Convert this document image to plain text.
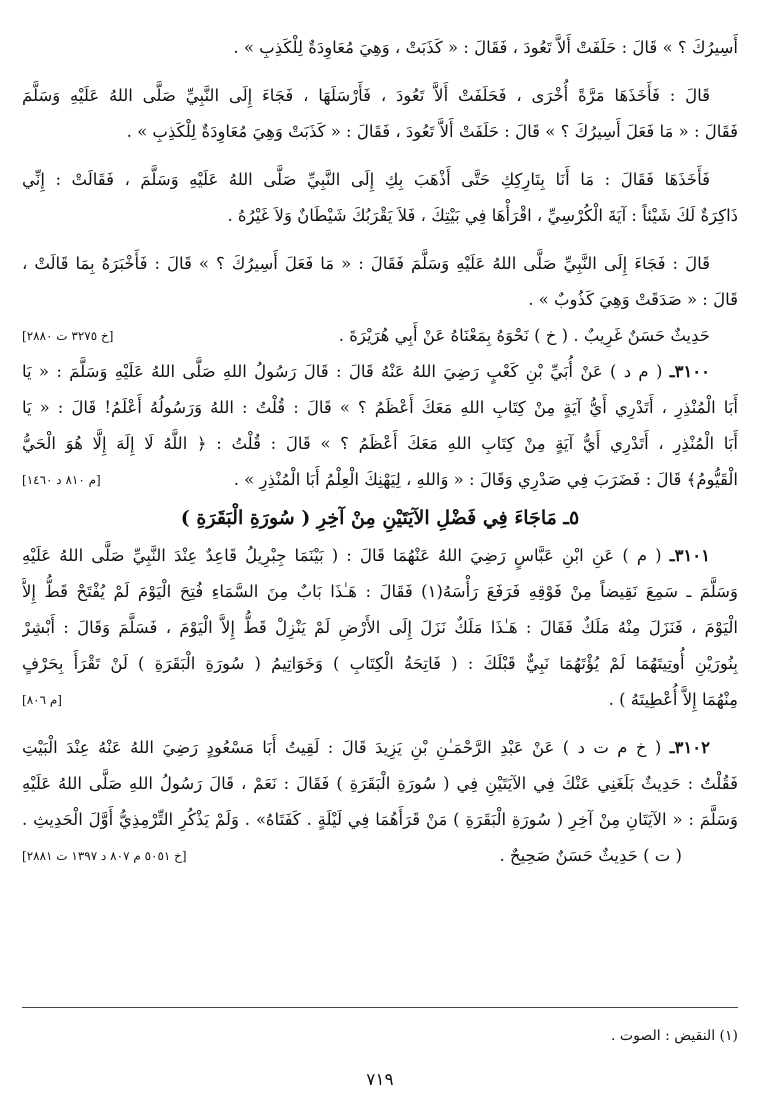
أَسِيرُكَ ؟ » قَالَ : حَلَفَتْ أَلاَّ تَعُودَ ، فَقَالَ : « كَذَبَتْ ، وَهِيَ مُعَاوِدَةٌ لِلْكَذِبِ » .
قَالَ : فَأَخَذَهَا مَرَّةً أُخْرَى ، فَحَلَفَتْ أَلاَّ تَعُودَ ، فَأَرْسَلَهَا ، فَجَاءَ إِلَى النَّبِيِّ صَلَّى اللهُ عَلَيْهِ وَسَلَّمَ
فَقَالَ : « مَا فَعَلَ أَسِيرُكَ ؟ » قَالَ : حَلَفَتْ أَلاَّ تَعُودَ ، فَقَالَ : « كَذَبَتْ وَهِيَ مُعَاوِدَةٌ لِلْكَذِبِ » .
فَأَخَذَهَا فَقَالَ : مَا أَنَا بِتَارِكِكِ حَتَّى أَذْهَبَ بِكِ إِلَى النَّبِيِّ صَلَّى اللهُ عَلَيْهِ وَسَلَّمَ ، فَقَالَتْ : إِنِّي
ذَاكِرَةٌ لَكَ شَيْئاً : آيَةَ الْكُرْسِيِّ ، اقْرَأْهَا فِي بَيْتِكَ ، فَلاَ يَقْرَبُكَ شَيْطَانٌ وَلاَ غَيْرُهُ .
قَالَ : فَجَاءَ إِلَى النَّبِيِّ صَلَّى اللهُ عَلَيْهِ وَسَلَّمَ فَقَالَ : « مَا فَعَلَ أَسِيرُكَ ؟ » قَالَ : فَأَخْبَرَهُ بِمَا قَالَتْ ،
قَالَ : « صَدَقَتْ وَهِيَ كَذُوبٌ » .
حَدِيثٌ حَسَنٌ غَرِيبٌ . ( خ ) نَحْوَهُ بِمَعْنَاهُ عَنْ أَبِي هُرَيْرَةَ .
[خ ٣٢٧٥ ت ٢٨٨٠]
٣١٠٠ـ ( م د ) عَنْ أُبَيِّ بْنِ كَعْبٍ رَضِيَ اللهُ عَنْهُ قَالَ : قَالَ رَسُولُ اللهِ صَلَّى اللهُ عَلَيْهِ وَسَلَّمَ : « يَا
أَبَا الْمُنْذِرِ ، أَتَدْرِي أَيُّ آيَةٍ مِنْ كِتَابِ اللهِ مَعَكَ أَعْظَمُ ؟ » قَالَ : قُلْتُ : اللهُ وَرَسُولُهُ أَعْلَمُ! قَالَ : « يَا
أَبَا الْمُنْذِرِ ، أَتَدْرِي أَيُّ آيَةٍ مِنْ كِتَابِ اللهِ مَعَكَ أَعْظَمُ ؟ » قَالَ : قُلْتُ : ﴿ اللَّهُ لَا إِلَهَ إِلَّا هُوَ الْحَيُّ
الْقَيُّومُ﴾ قَالَ : فَضَرَبَ فِي صَدْرِي وَقَالَ : « وَاللهِ ، لِيَهْنِكَ الْعِلْمُ أَبَا الْمُنْذِرِ » .
[م ٨١٠ د ١٤٦٠]
٥ـ مَاجَاءَ فِي فَضْلِ الآيَتَيْنِ مِنْ آخِرِ ( سُورَةِ الْبَقَرَةِ )
٣١٠١ـ ( م ) عَنِ ابْنِ عَبَّاسٍ رَضِيَ اللهُ عَنْهُمَا قَالَ : ( بَيْنَمَا جِبْرِيلُ قَاعِدٌ عِنْدَ النَّبِيِّ صَلَّى اللهُ عَلَيْهِ
وَسَلَّمَ ـ سَمِعَ نَقِيضاً مِنْ فَوْقِهِ فَرَفَعَ رَأْسَهُ(١) فَقَالَ : هَـٰذَا بَابٌ مِنَ السَّمَاءِ فُتِحَ الْيَوْمَ لَمْ يُفْتَحْ قَطُّ إِلاَّ
الْيَوْمَ ، فَنَزَلَ مِنْهُ مَلَكٌ فَقَالَ : هَـٰذَا مَلَكٌ نَزَلَ إِلَى الأَرْضِ لَمْ يَنْزِلْ قَطُّ إِلاَّ الْيَوْمَ ، فَسَلَّمَ وَقَالَ : أَبْشِرْ
بِنُورَيْنِ أُوتِيتَهُمَا لَمْ يُؤْتَهُمَا نَبِيٌّ قَبْلَكَ : ( فَاتِحَةُ الْكِتَابِ ) وَخَوَاتِيمُ ( سُورَةِ الْبَقَرَةِ ) لَنْ تَقْرَأَ بِحَرْفٍ
مِنْهُمَا إِلاَّ أُعْطِيتَهُ ) .
[م ٨٠٦]
٣١٠٢ـ ( خ م ت د ) عَنْ عَبْدِ الرَّحْمَـٰنِ بْنِ يَزِيدَ قَالَ : لَقِيتُ أَبَا مَسْعُودٍ رَضِيَ اللهُ عَنْهُ عِنْدَ الْبَيْتِ
فَقُلْتُ : حَدِيثٌ بَلَغَنِي عَنْكَ فِي الآيَتَيْنِ فِي ( سُورَةِ الْبَقَرَةِ ) فَقَالَ : نَعَمْ ، قَالَ رَسُولُ اللهِ صَلَّى اللهُ عَلَيْهِ
وَسَلَّمَ : « الآيَتَانِ مِنْ آخِرِ ( سُورَةِ الْبَقَرَةِ ) مَنْ قَرَأَهُمَا فِي لَيْلَةٍ . كَفَتَاهُ» . وَلَمْ يَذْكُرِ التِّرْمِذِيُّ أَوَّلَ الْحَدِيثِ .
( ت ) حَدِيثٌ حَسَنٌ صَحِيحٌ .
[خ ٥٠٥١ م ٨٠٧ د ١٣٩٧ ت ٢٨٨١]
(١) النقيض : الصوت .
٧١٩
